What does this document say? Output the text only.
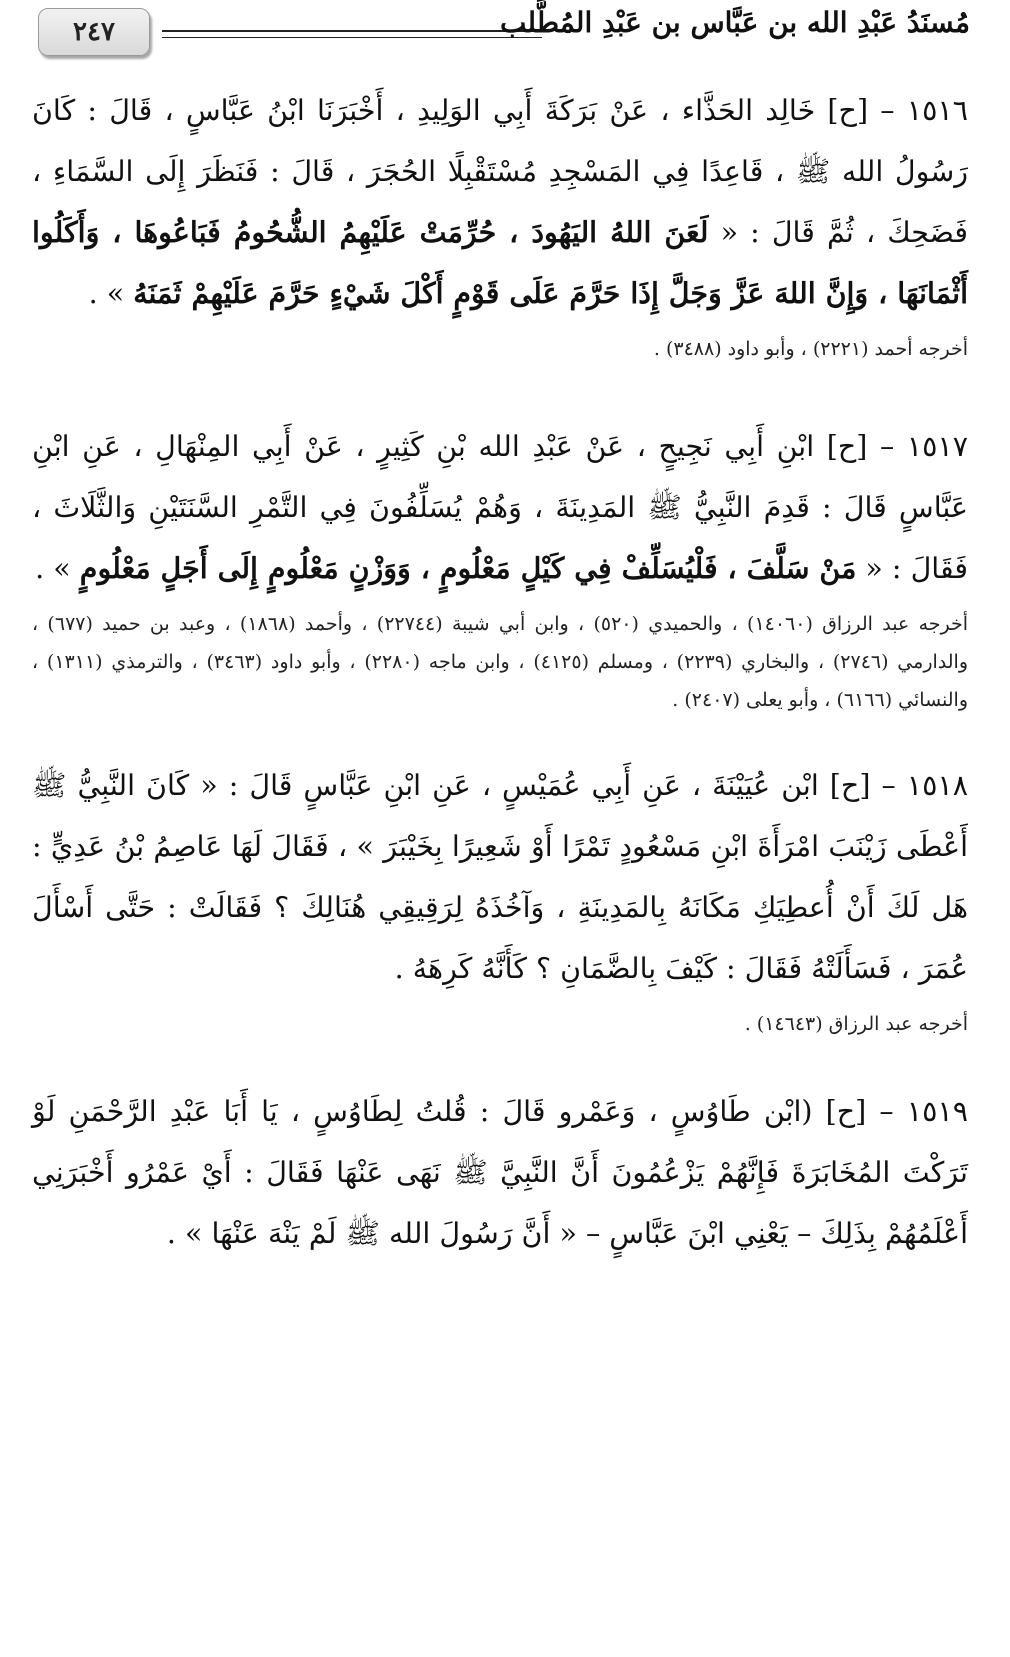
٢٤٧	مُسنَدُ عَبْدِ الله بن عَبَّاس بن عَبْدِ المُطَّلب

١٥١٦ – [ح] خَالِد الحَذَّاء ، عَنْ بَرَكَةَ أَبِي الوَلِيدِ ، أَخْبَرَنَا ابْنُ عَبَّاسٍ ، قَالَ : كَانَ رَسُولُ الله ﷺ ، قَاعِدًا فِي المَسْجِدِ مُسْتَقْبِلًا الحُجَرَ ، قَالَ : فَنَظَرَ إِلَى السَّمَاءِ ، فَضَحِكَ ، ثُمَّ قَالَ : « لَعَنَ اللهُ اليَهُودَ ، حُرِّمَتْ عَلَيْهِمُ الشُّحُومُ فَبَاعُوهَا ، وَأَكَلُوا أَثْمَانَهَا ، وَإِنَّ اللهَ عَزَّ وَجَلَّ إِذَا حَرَّمَ عَلَى قَوْمٍ أَكْلَ شَيْءٍ حَرَّمَ عَلَيْهِمْ ثَمَنَهُ » .

أخرجه أحمد (٢٢٢١) ، وأبو داود (٣٤٨٨) .

١٥١٧ – [ح] ابْنِ أَبِي نَجِيحٍ ، عَنْ عَبْدِ الله بْنِ كَثِيرٍ ، عَنْ أَبِي المِنْهَالِ ، عَنِ ابْنِ عَبَّاسٍ قَالَ : قَدِمَ النَّبِيُّ ﷺ المَدِينَةَ ، وَهُمْ يُسَلِّفُونَ فِي التَّمْرِ السَّنَتَيْنِ وَالثَّلَاثَ ، فَقَالَ : « مَنْ سَلَّفَ ، فَلْيُسَلِّفْ فِي كَيْلٍ مَعْلُومٍ ، وَوَزْنٍ مَعْلُومٍ إِلَى أَجَلٍ مَعْلُومٍ » .

أخرجه عبد الرزاق (١٤٠٦٠) ، والحميدي (٥٢٠) ، وابن أبي شيبة (٢٢٧٤٤) ، وأحمد (١٨٦٨) ، وعبد بن حميد (٦٧٧) ، والدارمي (٢٧٤٦) ، والبخاري (٢٢٣٩) ، ومسلم (٤١٢٥) ، وابن ماجه (٢٢٨٠) ، وأبو داود (٣٤٦٣) ، والترمذي (١٣١١) ، والنسائي (٦١٦٦) ، وأبو يعلى (٢٤٠٧) .

١٥١٨ – [ح] ابْن عُيَيْنَةَ ، عَنِ أَبِي عُمَيْسٍ ، عَنِ ابْنِ عَبَّاسٍ قَالَ : « كَانَ النَّبِيُّ ﷺ أَعْطَى زَيْنَبَ امْرَأَةَ ابْنِ مَسْعُودٍ تَمْرًا أَوْ شَعِيرًا بِخَيْبَرَ » ، فَقَالَ لَهَا عَاصِمُ بْنُ عَدِيٍّ : هَل لَكَ أَنْ أُعطِيَكِ مَكَانَهُ بِالمَدِينَةِ ، وَآخُذَهُ لِرَقِيقِي هُنَالِكَ ؟ فَقَالَتْ : حَتَّى أَسْأَلَ عُمَرَ ، فَسَأَلَتْهُ فَقَالَ : كَيْفَ بِالضَّمَانِ ؟ كَأَنَّهُ كَرِهَهُ .

أخرجه عبد الرزاق (١٤٦٤٣) .

١٥١٩ – [ح] (ابْن طَاوُسٍ ، وَعَمْرو قَالَ : قُلتُ لِطَاوُسٍ ، يَا أَبَا عَبْدِ الرَّحْمَنِ لَوْ تَرَكْتَ المُخَابَرَةَ فَإِنَّهُمْ يَزْعُمُونَ أَنَّ النَّبِيَّ ﷺ نَهَى عَنْهَا فَقَالَ : أَيْ عَمْرُو أَخْبَرَنِي أَعْلَمُهُمْ بِذَلِكَ – يَعْنِي ابْنَ عَبَّاسٍ – « أَنَّ رَسُولَ الله ﷺ لَمْ يَنْهَ عَنْهَا » .
